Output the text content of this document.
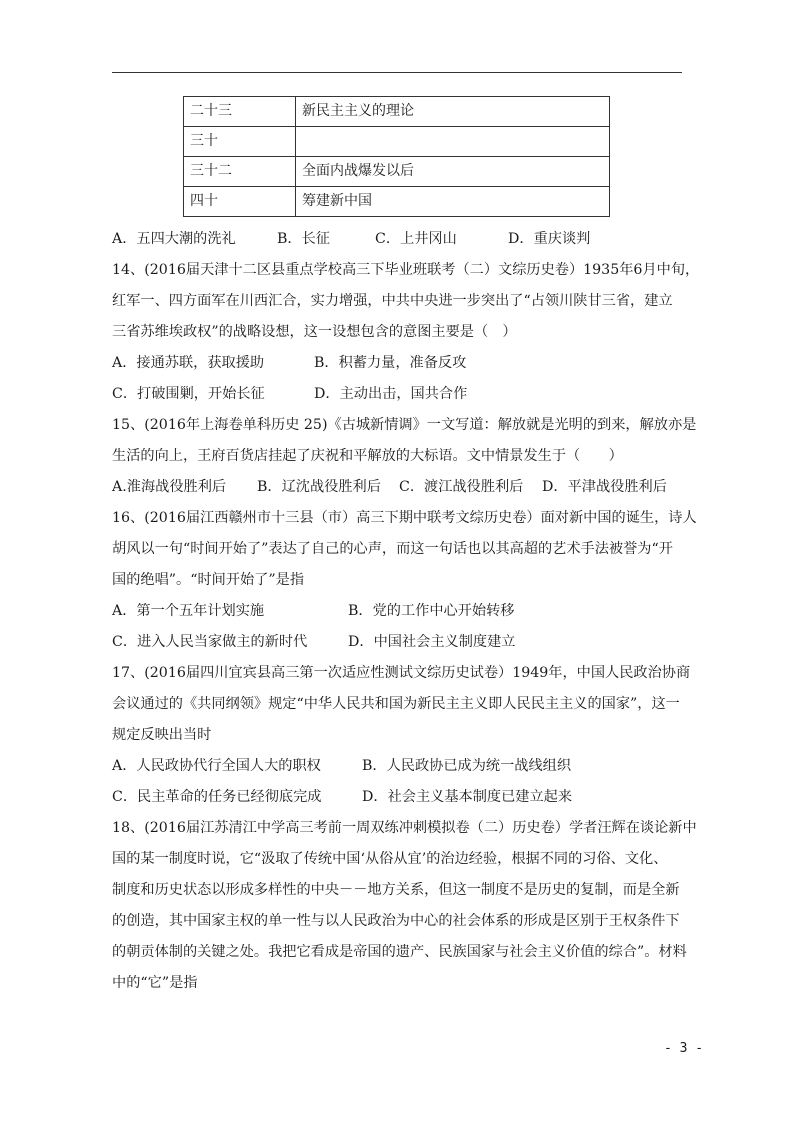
二十三	新民主主义的理论
三十	
三十二	全面内战爆发以后
四十	筹建新中国
A．五四大潮的洗礼	B．长征	C．上井冈山	D．重庆谈判
14、(2016届天津十二区县重点学校高三下毕业班联考（二）文综历史卷）1935年6月中旬，
红军一、四方面军在川西汇合，实力增强，中共中央进一步突出了“占领川陕甘三省，建立
三省苏维埃政权”的战略设想，这一设想包含的意图主要是（　）
A．接通苏联，获取援助	B．积蓄力量，准备反攻
C．打破围剿，开始长征	D．主动出击，国共合作
15、(2016年上海卷单科历史 25)《古城新情调》一文写道：解放就是光明的到来，解放亦是
生活的向上，王府百货店挂起了庆祝和平解放的大标语。文中情景发生于（　　）
A.淮海战役胜利后	B．辽沈战役胜利后	C．渡江战役胜利后	D．平津战役胜利后
16、(2016届江西赣州市十三县（市）高三下期中联考文综历史卷）面对新中国的诞生，诗人
胡风以一句“时间开始了”表达了自己的心声，而这一句话也以其高超的艺术手法被誉为“开
国的绝唱”。“时间开始了”是指
A．第一个五年计划实施	B．党的工作中心开始转移
C．进入人民当家做主的新时代	D．中国社会主义制度建立
17、(2016届四川宜宾县高三第一次适应性测试文综历史试卷）1949年，中国人民政治协商
会议通过的《共同纲领》规定“中华人民共和国为新民主主义即人民民主主义的国家”，这一
规定反映出当时
A．人民政协代行全国人大的职权	B．人民政协已成为统一战线组织
C．民主革命的任务已经彻底完成	D．社会主义基本制度已建立起来
18、(2016届江苏清江中学高三考前一周双练冲刺模拟卷（二）历史卷）学者汪辉在谈论新中
国的某一制度时说，它“汲取了传统中国‘从俗从宜’的治边经验，根据不同的习俗、文化、
制度和历史状态以形成多样性的中央－－地方关系，但这一制度不是历史的复制，而是全新
的创造，其中国家主权的单一性与以人民政治为中心的社会体系的形成是区别于王权条件下
的朝贡体制的关键之处。我把它看成是帝国的遗产、民族国家与社会主义价值的综合”。材料
中的“它”是指
- 3 -
